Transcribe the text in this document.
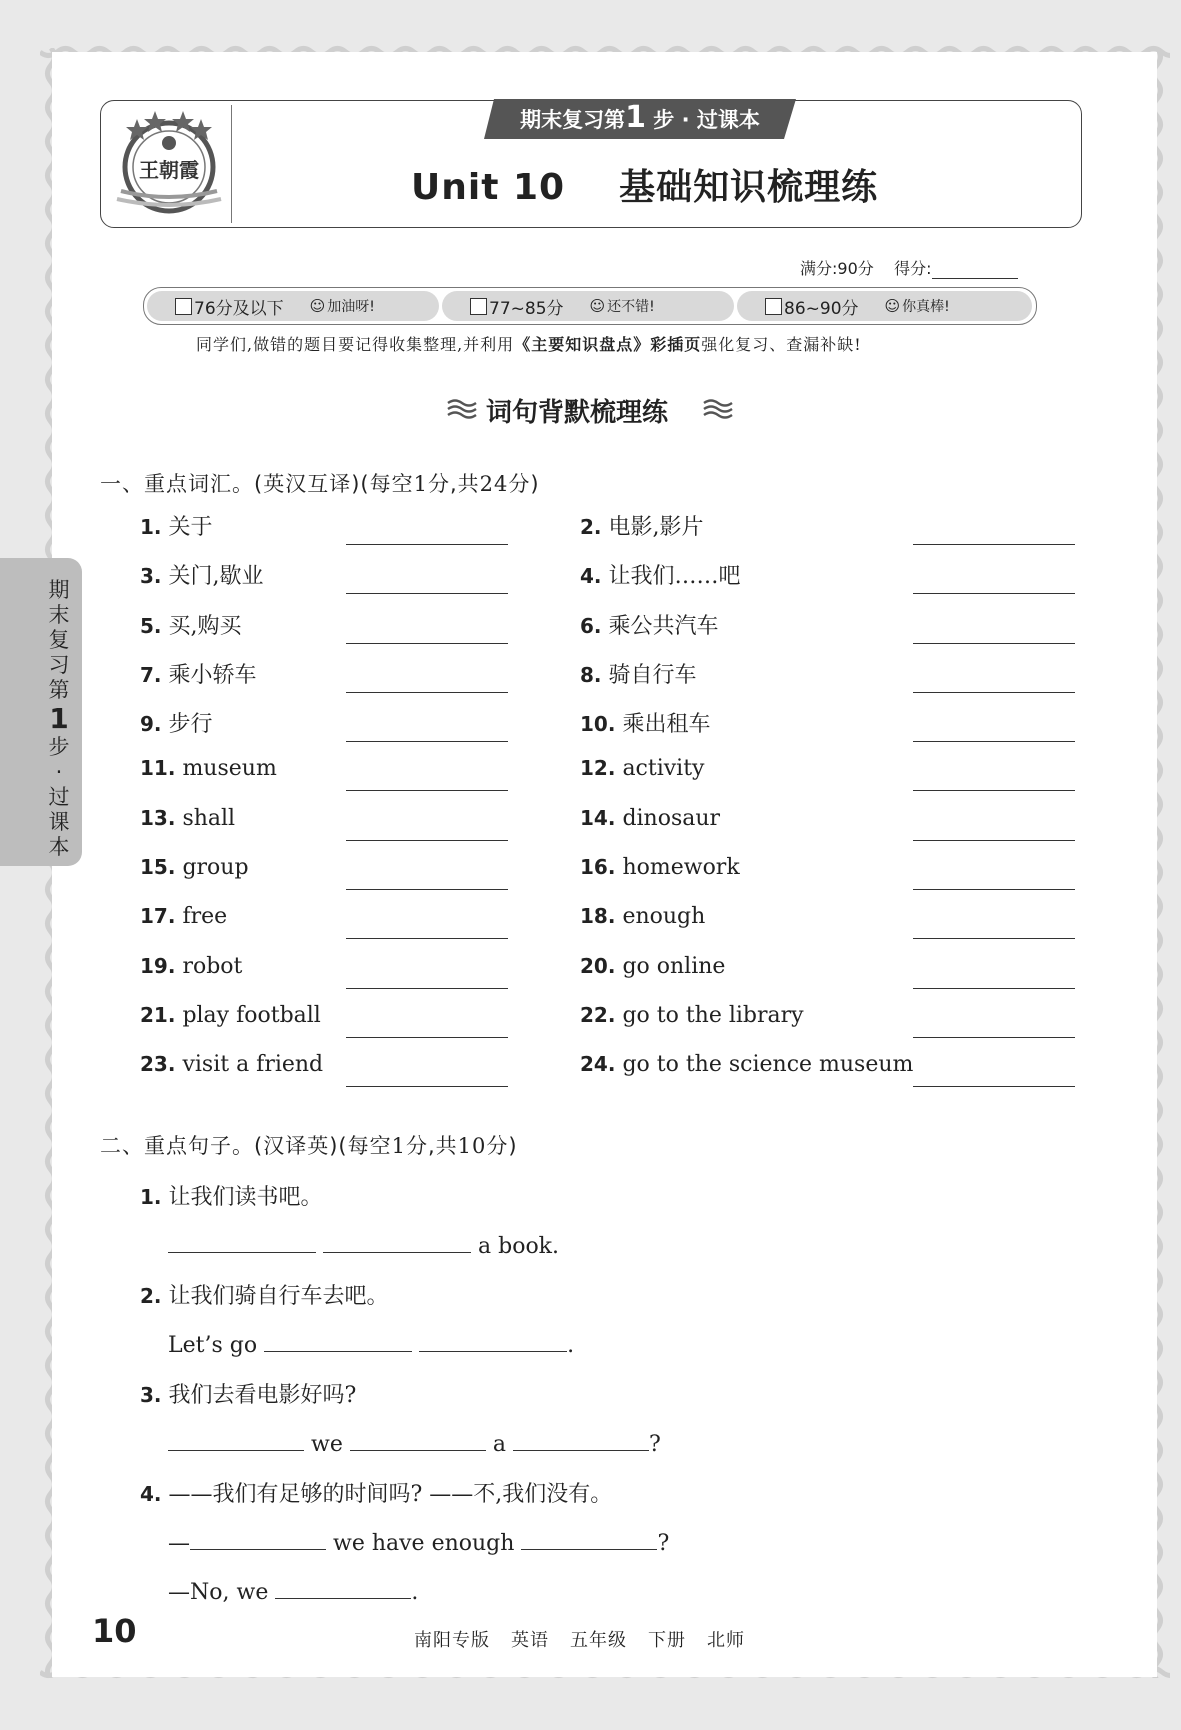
王朝霞
期末复习第1 步 · 过课本
Unit 10    基础知识梳理练
满分:90分 得分:
76分及以下 ☺ 加油呀!	77~85分 ☺ 还不错!	86~90分 ☺ 你真棒!
同学们,做错的题目要记得收集整理,并利用《主要知识盘点》彩插页强化复习、查漏补缺!
词句背默梳理练
一、重点词汇。(英汉互译)(每空1分,共24分)
1. 关于	2. 电影,影片
3. 关门,歇业	4. 让我们……吧
5. 买,购买	6. 乘公共汽车
7. 乘小轿车	8. 骑自行车
9. 步行	10. 乘出租车
11. museum	12. activity
13. shall	14. dinosaur
15. group	16. homework
17. free	18. enough
19. robot	20. go online
21. play football	22. go to the library
23. visit a friend	24. go to the science museum
二、重点句子。(汉译英)(每空1分,共10分)
1. 让我们读书吧。
a book.
2. 让我们骑自行车去吧。
Let’s go	.
3. 我们去看电影好吗?
we	a	?
4. ——我们有足够的时间吗? ——不,我们没有。
—	we have enough	?
—No, we	.
期
末
复
习
第
1
步
·
过
课
本
10	南阳专版 英语 五年级 下册 北师
